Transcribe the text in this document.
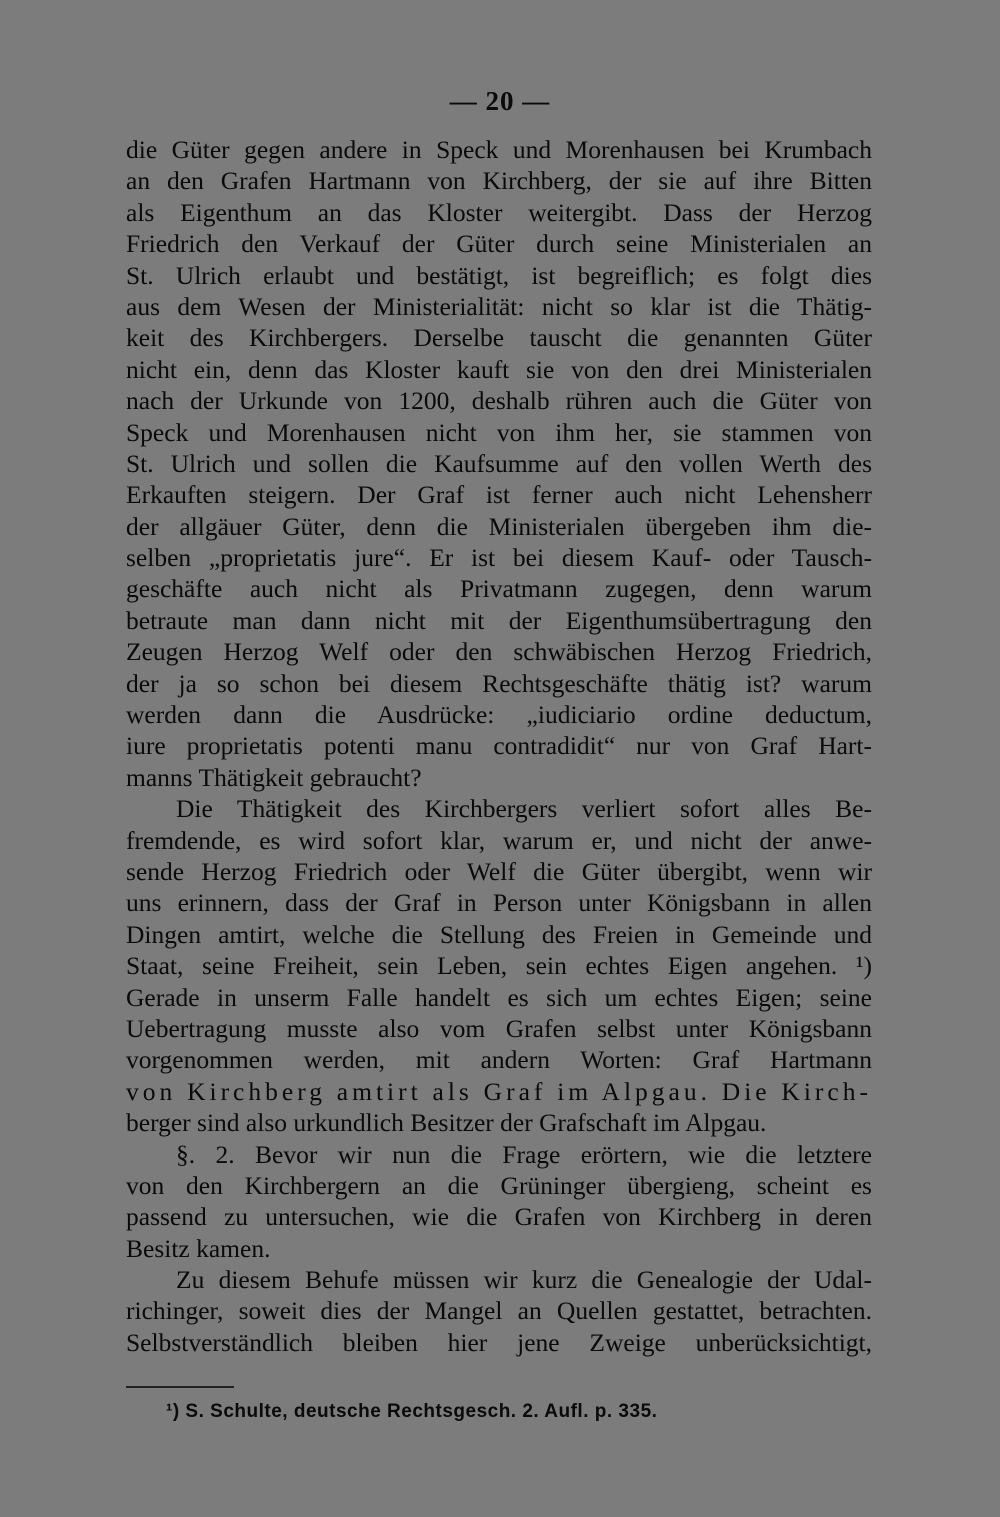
— 20 —
die Güter gegen andere in Speck und Morenhausen bei Krumbach
an den Grafen Hartmann von Kirchberg, der sie auf ihre Bitten
als Eigenthum an das Kloster weitergibt. Dass der Herzog
Friedrich den Verkauf der Güter durch seine Ministerialen an
St. Ulrich erlaubt und bestätigt, ist begreiflich; es folgt dies
aus dem Wesen der Ministerialität: nicht so klar ist die Thätig-
keit des Kirchbergers. Derselbe tauscht die genannten Güter
nicht ein, denn das Kloster kauft sie von den drei Ministerialen
nach der Urkunde von 1200, deshalb rühren auch die Güter von
Speck und Morenhausen nicht von ihm her, sie stammen von
St. Ulrich und sollen die Kaufsumme auf den vollen Werth des
Erkauften steigern. Der Graf ist ferner auch nicht Lehensherr
der allgäuer Güter, denn die Ministerialen übergeben ihm die-
selben „proprietatis jure“. Er ist bei diesem Kauf- oder Tausch-
geschäfte auch nicht als Privatmann zugegen, denn warum
betraute man dann nicht mit der Eigenthumsübertragung den
Zeugen Herzog Welf oder den schwäbischen Herzog Friedrich,
der ja so schon bei diesem Rechtsgeschäfte thätig ist? warum
werden dann die Ausdrücke: „iudiciario ordine deductum,
iure proprietatis potenti manu contradidit“ nur von Graf Hart-
manns Thätigkeit gebraucht?
Die Thätigkeit des Kirchbergers verliert sofort alles Be-
fremdende, es wird sofort klar, warum er, und nicht der anwe-
sende Herzog Friedrich oder Welf die Güter übergibt, wenn wir
uns erinnern, dass der Graf in Person unter Königsbann in allen
Dingen amtirt, welche die Stellung des Freien in Gemeinde und
Staat, seine Freiheit, sein Leben, sein echtes Eigen angehen. ¹)
Gerade in unserm Falle handelt es sich um echtes Eigen; seine
Uebertragung musste also vom Grafen selbst unter Königsbann
vorgenommen werden, mit andern Worten: Graf Hartmann
von Kirchberg amtirt als Graf im Alpgau. Die Kirch-
berger sind also urkundlich Besitzer der Grafschaft im Alpgau.
§. 2. Bevor wir nun die Frage erörtern, wie die letztere
von den Kirchbergern an die Grüninger übergieng, scheint es
passend zu untersuchen, wie die Grafen von Kirchberg in deren
Besitz kamen.
Zu diesem Behufe müssen wir kurz die Genealogie der Udal-
richinger, soweit dies der Mangel an Quellen gestattet, betrachten.
Selbstverständlich bleiben hier jene Zweige unberücksichtigt,
¹) S. Schulte, deutsche Rechtsgesch. 2. Aufl. p. 335.
